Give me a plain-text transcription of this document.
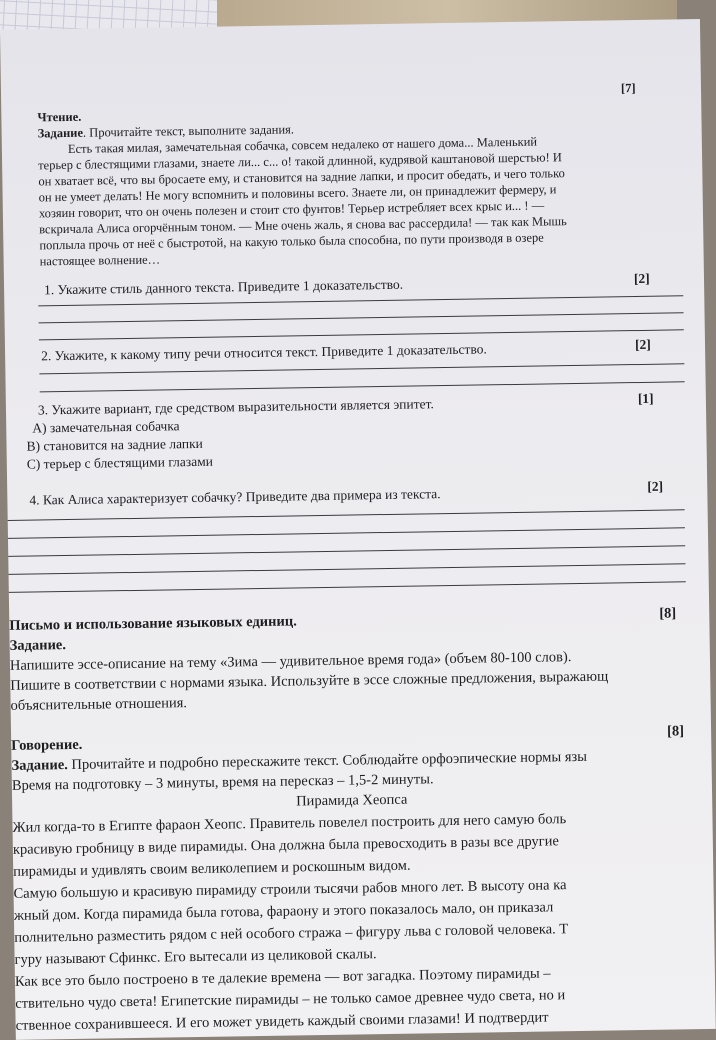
[7]
Чтение.
Задание. Прочитайте текст, выполните задания.
Есть такая милая, замечательная собачка, совсем недалеко от нашего дома... Маленький
терьер с блестящими глазами, знаете ли... с... о! такой длинной, кудрявой каштановой шерстью! И
он хватает всё, что вы бросаете ему, и становится на задние лапки, и просит обедать, и чего только
он не умеет делать! Не могу вспомнить и половины всего. Знаете ли, он принадлежит фермеру, и
хозяин говорит, что он очень полезен и стоит сто фунтов! Терьер истребляет всех крыс и... ! —
вскричала Алиса огорчённым тоном. — Мне очень жаль, я снова вас рассердила! — так как Мышь
поплыла прочь от неё с быстротой, на какую только была способна, по пути производя в озере
настоящее волнение…
1. Укажите стиль данного текста. Приведите 1 доказательство.	[2]
2. Укажите, к какому типу речи относится текст. Приведите 1 доказательство.	[2]
3. Укажите вариант, где средством выразительности является эпитет.	[1]
А) замечательная собачка
В) становится на задние лапки
С) терьер с блестящими глазами
4. Как Алиса характеризует собачку? Приведите два примера из текста.	[2]
Письмо и использование языковых единиц.	[8]
Задание.
Напишите эссе-описание на тему «Зима — удивительное время года» (объем 80-100 слов).
Пишите в соответствии с нормами языка. Используйте в эссе сложные предложения, выражающ
объяснительные отношения.
Говорение.
[8]
Задание. Прочитайте и подробно перескажите текст. Соблюдайте орфоэпические нормы язы
Время на подготовку – 3 минуты, время на пересказ – 1,5-2 минуты.
Пирамида Хеопса
Жил когда-то в Египте фараон Хеопс. Правитель повелел построить для него самую боль
красивую гробницу в виде пирамиды. Она должна была превосходить в разы все другие
пирамиды и удивлять своим великолепием и роскошным видом.
Самую большую и красивую пирамиду строили тысячи рабов много лет. В высоту она ка
жный дом. Когда пирамида была готова, фараону и этого показалось мало, он приказал
полнительно разместить рядом с ней особого стража – фигуру льва с головой человека. Т
гуру называют Сфинкс. Его вытесали из целиковой скалы.
Как все это было построено в те далекие времена — вот загадка. Поэтому пирамиды –
ствительно чудо света! Египетские пирамиды – не только самое древнее чудо света, но и
ственное сохранившееся. И его может увидеть каждый своими глазами! И подтвердит
